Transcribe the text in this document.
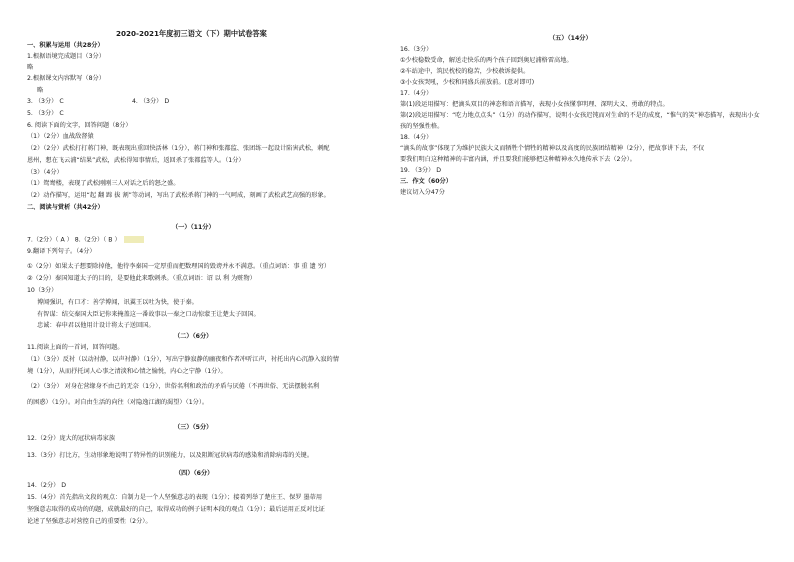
2020-2021年度初三语文（下）期中试卷答案
一、积累与运用（共28分）
1.根据语境完成题目（3分）
略
2.根据课文内容默写（8分）
略
3. （3分） C	4. （3分） D
5. （3分） C
6. 阅读下面的文字，回答问题（8分）
（1）（2分）血战敌督猿
（2）（2分）武松打打蒋门神，既表现出重回快活林（1分），蒋门神和张都监、张团练一起设计陷害武松，刺配
恩州，想在飞云浦“结果”武松，武松得知事情后，返回杀了张都监等人。（1分）
（3）（4分）
（1）鸳鸯楼，表现了武松刚刚三人对话之后的怒之盛。
（2）动作描写，运用“起 翻 蹄 拔 割”等动词，写出了武松杀蒋门神的一气呵成，刻画了武松武艺高强的形象。
二、阅读与赏析（共42分）
（一）（11分）
7.（2分）（ A ） 8.（2分）（ B ）
9.翻译下列句子。（4分）
①（2分）如果太子想要除掉他，他待李秦国一定厚重而把数理国的毁谤并永不满意。（重点词语：事 重 遗 穷）
②（2分）秦国知道太子的目的，是要他此来歌刺杀。（重点词语：诏 以 利 为赃物）
10（3分）
博闻强识，有口才：善学博闻，讯翼王以吐为快，使于秦。
有智谋：结交秦国大臣记你来掩盖这一番故事以一秦之口动惊蒙王让楚太子回国。
忠诚：春申君以他用计设计将太子送回国。
（二）（6分）
11.阅读上面的一首词，回答问题。
（1）（3分）反衬（以动衬静，以声衬静）（1分），写出宁静寂静的幽夜和作者冲听江声，衬托出内心沉静入寂的情
境（1分），从而抒托词人心事之清淡和心情之愉悦，内心之宁静（1分）。
（2）（3分） 对身在营缘身不由己的无奈（1分），世俗名利和政治的矛盾与厌倦（不再世俗、无法摆脱名利
的困惑）（1分）。对自由生活的向往（对隐逸江湖的渴望）（1分）。
（三）（5分）
12.（2分）庞大的冠状病毒家族
13.（3分）打比方，生动形象地说明了特异性的识别能力，以及阻断冠状病毒的感染和消除病毒的关键。
（四）（6分）
14.（2分） D
15.（4分）首先指出文段的观点：自制力是一个人坚强意志的表现（1分）；接着列举了楚庄王、保罗 墨蒂用
坚强意志取得的成功的的题，成就最好的自己，取得成功的例子证明本段的观点（1分）；最后运用正反对比证
论述了坚强意志对营控自己的重要性（2分）。
（五）（14分）
16.（3分）
①少校稳数受命，解送走快乐的两个孩子回到奥尼浦格雷高地。
②车站途中，筑民枕校的稳苦，少校赦诉提供。
③小女孩哭吼，少校和同盛兵前放前。(意对即可)
17.（4分）
第(1)段运用描写：把滴头双目的神态和语言描写，表现小女孩懂事明理、深明大义、勇敢的特点。
第(2)段运用描写：“吃力地点点头”（1分）的动作描写，说明小女孩迟钝而对生命的不是的成度，“惟气的笑”神态描写，表现出小女
孩的坚强性格。
18.（4分）
“滴头的故事”体现了为维护民族大义而牺牲个情牲的精神以及高度的民族团结精神（2分），把故事讲下去，不仅
要我们明白这种精神的丰富内涵，并且要我们能够把这种精神永久地传承下去（2分）。
19. （3分） D
三．作文（60分）
建议切入分47分
